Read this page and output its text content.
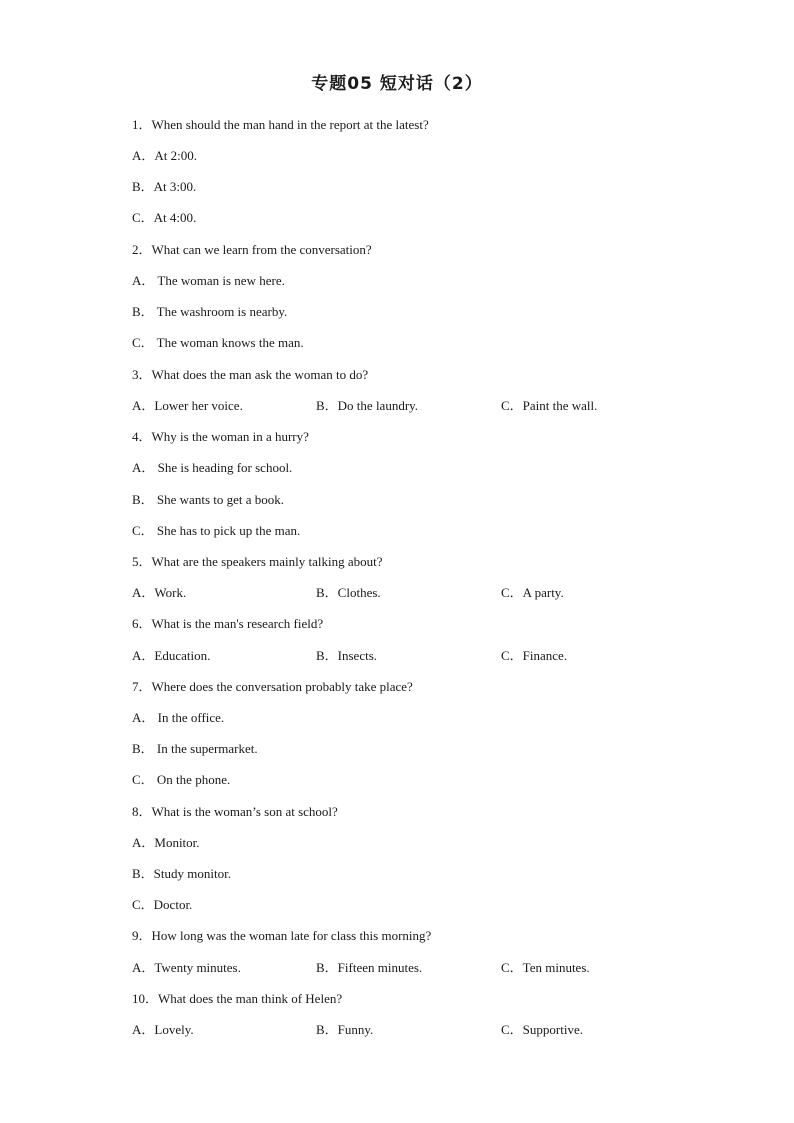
专题05 短对话（2）
1．When should the man hand in the report at the latest?
A．At 2:00.
B．At 3:00.
C．At 4:00.
2．What can we learn from the conversation?
A． The woman is new here.
B． The washroom is nearby.
C． The woman knows the man.
3．What does the man ask the woman to do?
A．Lower her voice.	B．Do the laundry.	C．Paint the wall.
4．Why is the woman in a hurry?
A． She is heading for school.
B． She wants to get a book.
C． She has to pick up the man.
5．What are the speakers mainly talking about?
A．Work.	B．Clothes.	C．A party.
6．What is the man's research field?
A．Education.	B．Insects.	C．Finance.
7．Where does the conversation probably take place?
A． In the office.
B． In the supermarket.
C． On the phone.
8．What is the woman’s son at school?
A．Monitor.
B．Study monitor.
C．Doctor.
9．How long was the woman late for class this morning?
A．Twenty minutes.	B．Fifteen minutes.	C．Ten minutes.
10．What does the man think of Helen?
A．Lovely.	B．Funny.	C．Supportive.
